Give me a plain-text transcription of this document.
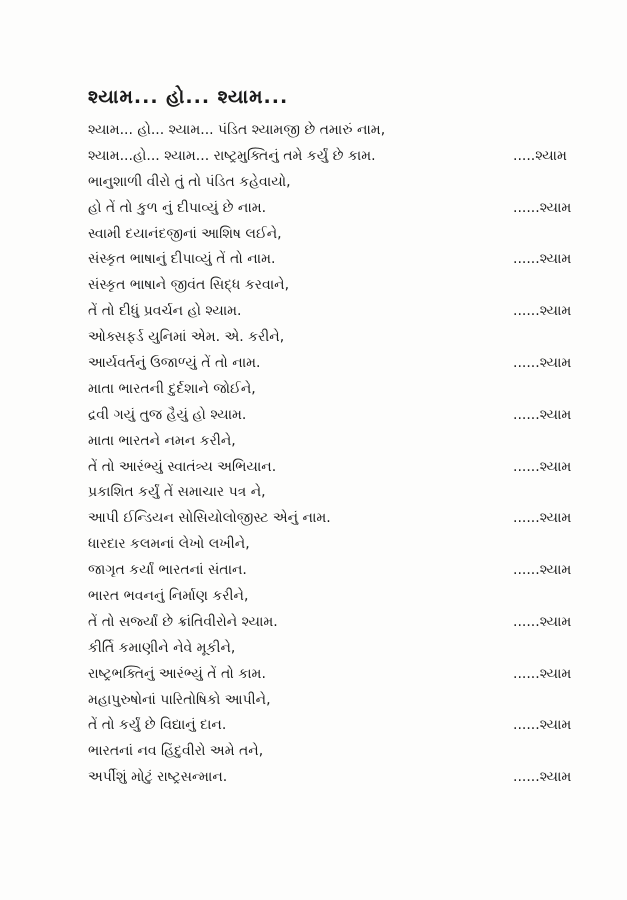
શ્યામ... હો... શ્યામ...
શ્યામ... હો... શ્યામ... પંડિત શ્યામજી છે તમારું નામ,
શ્યામ...હો... શ્યામ... રાષ્ટ્રમુક્તિનું તમે કર્યું છે કામ.	.....શ્યામ
ભાનુશાળી વીરો તું તો પંડિત કહેવાયો,
હો તેં તો કુળ નું દીપાવ્યું છે નામ.	......શ્યામ
સ્વામી દયાનંદજીનાં આશિષ લઈને,
સંસ્કૃત ભાષાનું દીપાવ્યું તેં તો નામ.	......શ્યામ
સંસ્કૃત ભાષાને જીવંત સિદ્ધ કરવાને,
તેં તો દીધું પ્રવર્ચન હો શ્યામ.	......શ્યામ
ઓક્સફર્ડ યુનિમાં એમ. એ. કરીને,
આર્યવર્તનું ઉજાળ્યું તેં તો નામ.	......શ્યામ
માતા ભારતની દુર્દશાને જોઈને,
દ્રવી ગયું તુજ હૈયું હો શ્યામ.	......શ્યામ
માતા ભારતને નમન કરીને,
તેં તો આરંભ્યું સ્વાતંત્ર્ય અભિયાન.	......શ્યામ
પ્રકાશિત કર્યું તેં સમાચાર પત્ર ને,
આપી ઈન્ડિયન સોસિયોલોજીસ્ટ એનું નામ.	......શ્યામ
ધારદાર કલમનાં લેખો લખીને,
જાગૃત કર્યાં ભારતનાં સંતાન.	......શ્યામ
ભારત ભવનનું નિર્માણ કરીને,
તેં તો સર્જ્યાં છે ક્રાંતિવીરોને શ્યામ.	......શ્યામ
કીર્તિ કમાણીને નેવે મૂકીને,
રાષ્ટ્રભક્તિનું આરંભ્યું તેં તો કામ.	......શ્યામ
મહાપુરુષોનાં પારિતોષિકો આપીને,
તેં તો કર્યું છે વિદ્યાનું દાન.	......શ્યામ
ભારતનાં નવ હિંદુવીરો અમે તને,
અર્પીશું મોટું રાષ્ટ્રસન્માન.	......શ્યામ
